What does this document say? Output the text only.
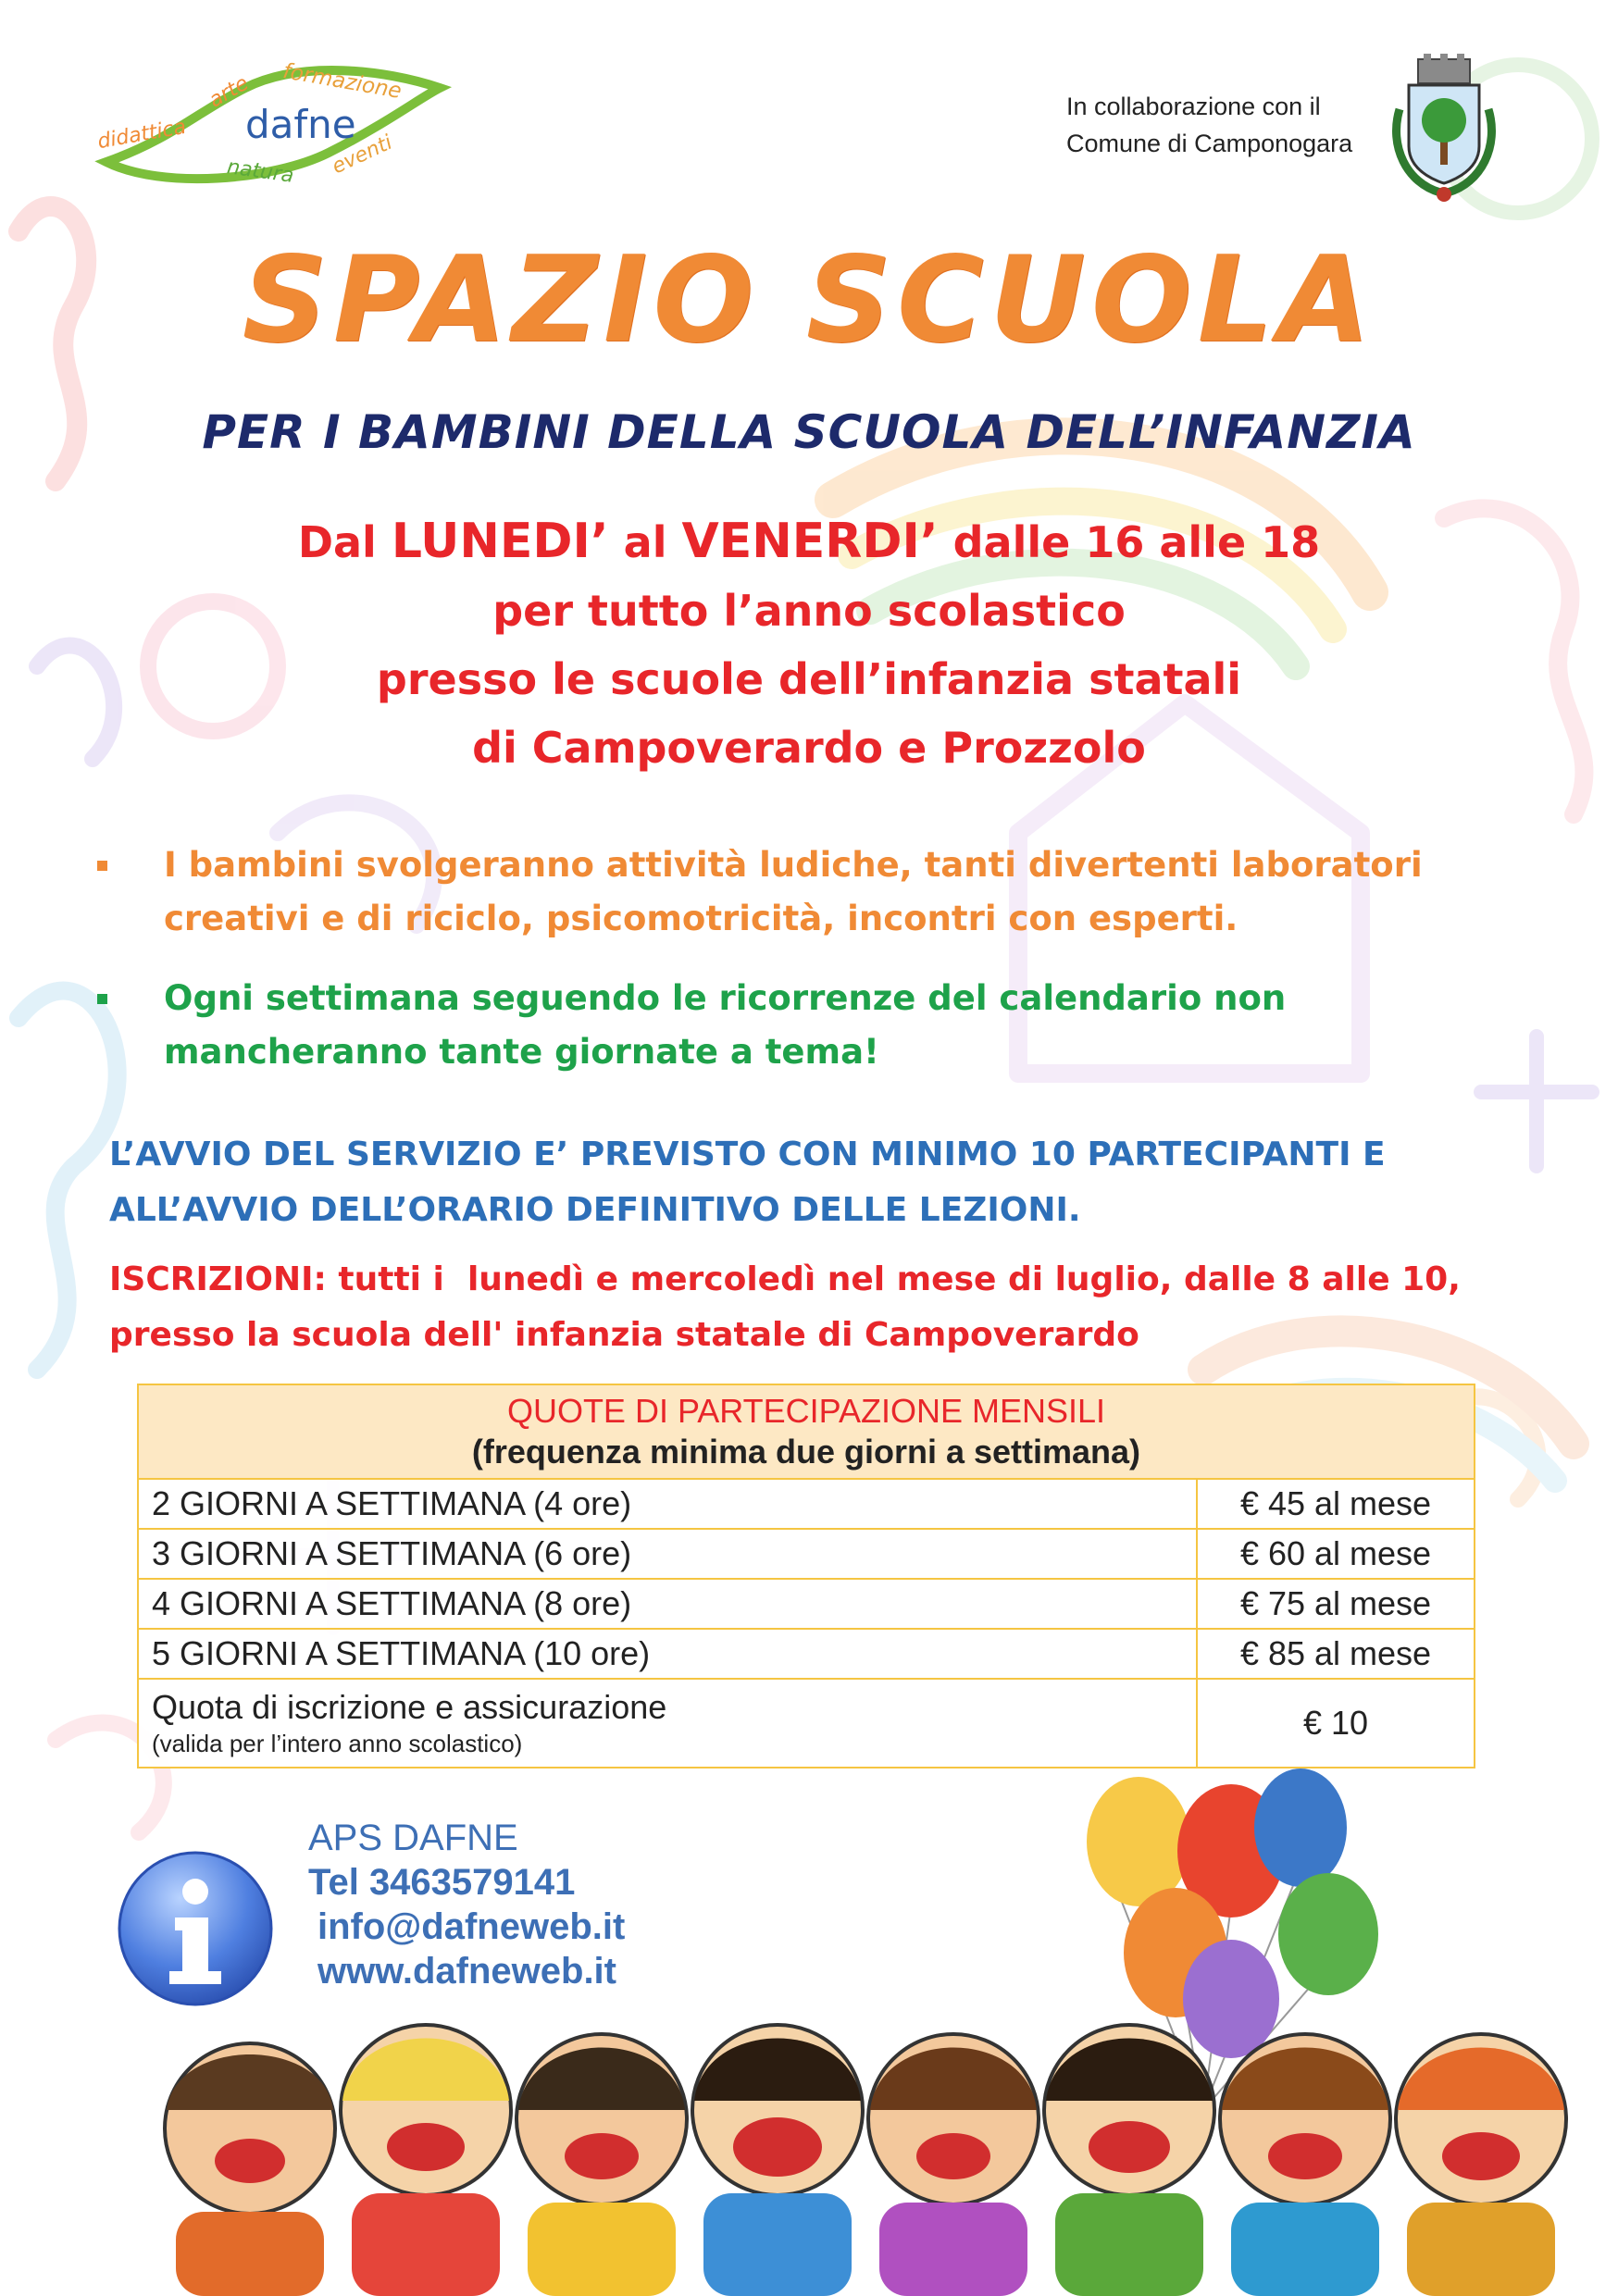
didattica
arte formazione
dafne
natura eventi
In collaborazione con il
Comune di Camponogara
SPAZIO SCUOLA
PER I BAMBINI DELLA SCUOLA DELL’INFANZIA
Dal LUNEDI’ al VENERDI’ dalle 16 alle 18
per tutto l’anno scolastico
presso le scuole dell’infanzia statali
di Campoverardo e Prozzolo
I bambini svolgeranno attività ludiche, tanti divertenti laboratori
creativi e di riciclo, psicomotricità, incontri con esperti.
Ogni settimana seguendo le ricorrenze del calendario non
mancheranno tante giornate a tema!
L’AVVIO DEL SERVIZIO E’ PREVISTO CON MINIMO 10 PARTECIPANTI E
ALL’AVVIO DELL’ORARIO DEFINITIVO DELLE LEZIONI.
ISCRIZIONI: tutti i  lunedì e mercoledì nel mese di luglio, dalle 8 alle 10,
presso la scuola dell' infanzia statale di Campoverardo
QUOTE DI PARTECIPAZIONE MENSILI
(frequenza minima due giorni a settimana)	

2 GIORNI A SETTIMANA (4 ore)	€ 45 al mese
3 GIORNI A SETTIMANA (6 ore)	€ 60 al mese
4 GIORNI A SETTIMANA (8 ore)	€ 75 al mese
5 GIORNI A SETTIMANA (10 ore)	€ 85 al mese

Quota di iscrizione e assicurazione
(valida per l’intero anno scolastico)	€ 10
APS DAFNE
Tel 3463579141
info@dafneweb.it
www.dafneweb.it
